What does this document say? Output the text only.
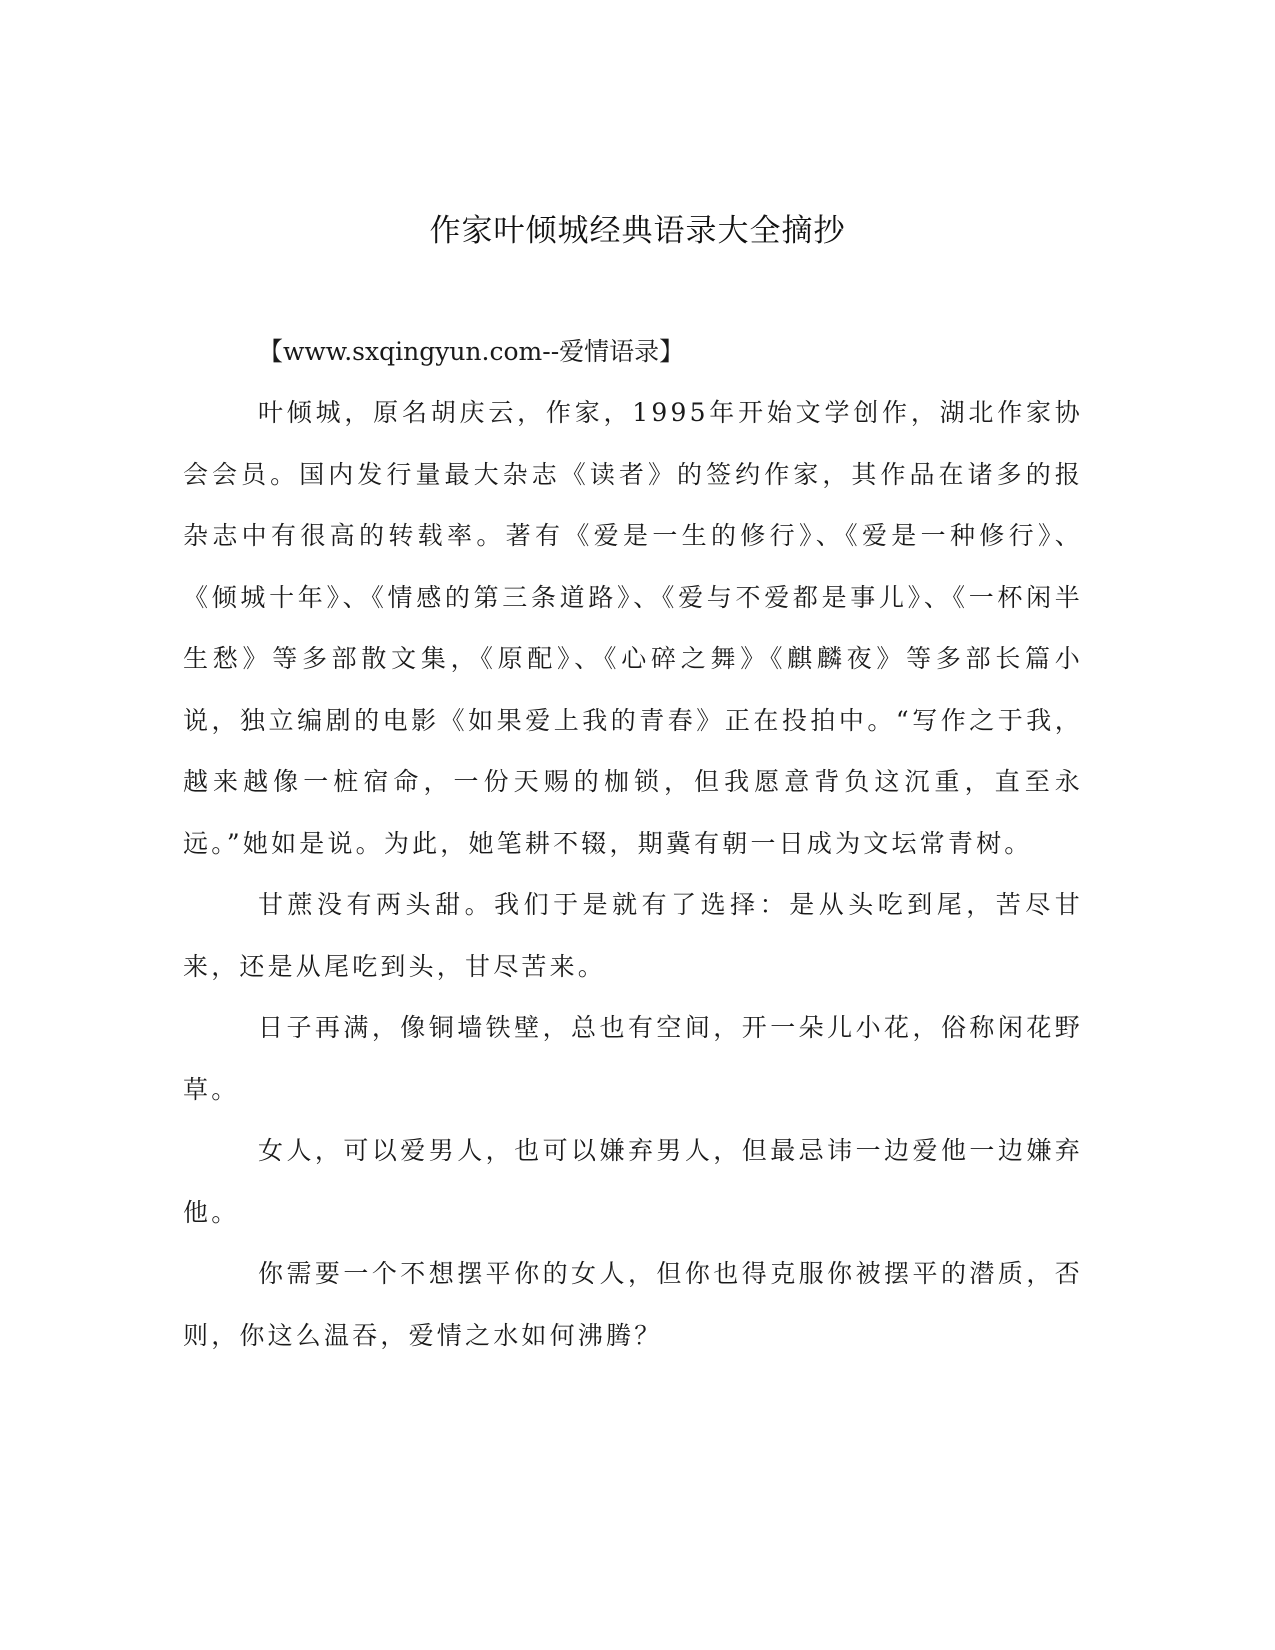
作家叶倾城经典语录大全摘抄
【www.sxqingyun.com--爱情语录】

叶倾城，原名胡庆云，作家，1995年开始文学创作，湖北作家协会会员。国内发行量最大杂志《读者》的签约作家，其作品在诸多的报杂志中有很高的转载率。著有《爱是一生的修行》、《爱是一种修行》、《倾城十年》、《情感的第三条道路》、《爱与不爱都是事儿》、《一杯闲半生愁》等多部散文集，《原配》、《心碎之舞》《麒麟夜》等多部长篇小说，独立编剧的电影《如果爱上我的青春》正在投拍中。“写作之于我，越来越像一桩宿命，一份天赐的枷锁，但我愿意背负这沉重，直至永远。”她如是说。为此，她笔耕不辍，期冀有朝一日成为文坛常青树。

甘蔗没有两头甜。我们于是就有了选择：是从头吃到尾，苦尽甘来，还是从尾吃到头，甘尽苦来。

日子再满，像铜墙铁壁，总也有空间，开一朵儿小花，俗称闲花野草。

女人，可以爱男人，也可以嫌弃男人，但最忌讳一边爱他一边嫌弃他。

你需要一个不想摆平你的女人，但你也得克服你被摆平的潜质，否则，你这么温吞，爱情之水如何沸腾？
